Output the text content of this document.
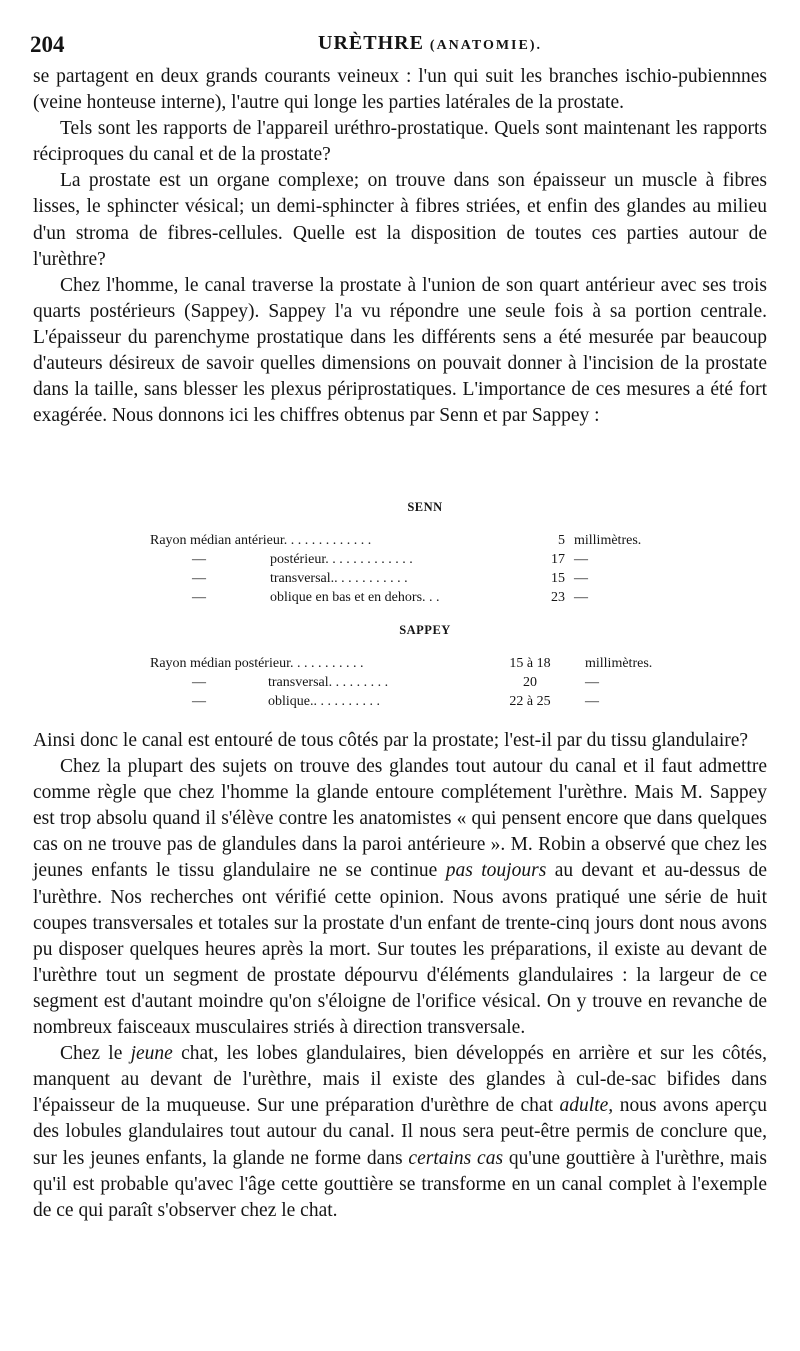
204	URÈTHRE (ANATOMIE).

se partagent en deux grands courants veineux : l'un qui suit les branches ischio-pubiennnes (veine honteuse interne), l'autre qui longe les parties latérales de la prostate.

Tels sont les rapports de l'appareil uréthro-prostatique. Quels sont maintenant les rapports réciproques du canal et de la prostate?

La prostate est un organe complexe; on trouve dans son épaisseur un muscle à fibres lisses, le sphincter vésical; un demi-sphincter à fibres striées, et enfin des glandes au milieu d'un stroma de fibres-cellules. Quelle est la disposition de toutes ces parties autour de l'urèthre?

Chez l'homme, le canal traverse la prostate à l'union de son quart antérieur avec ses trois quarts postérieurs (Sappey). Sappey l'a vu répondre une seule fois à sa portion centrale. L'épaisseur du parenchyme prostatique dans les différents sens a été mesurée par beaucoup d'auteurs désireux de savoir quelles dimensions on pouvait donner à l'incision de la prostate dans la taille, sans blesser les plexus périprostatiques. L'importance de ces mesures a été fort exagérée. Nous donnons ici les chiffres obtenus par Senn et par Sappey :

SENN
Rayon médian antérieur. . . . . . . . . . . . .	5 millimètres.
—	postérieur. . . . . . . . . . . . .	17 —
—	transversal.. . . . . . . . . . .	15 —
—	oblique en bas et en dehors. . .	23 —
SAPPEY
Rayon médian postérieur. . . . . . . . . . .	15 à 18	millimètres.
—	transversal. . . . . . . . .	20	—
—	oblique.. . . . . . . . . .	22 à 25	—

Ainsi donc le canal est entouré de tous côtés par la prostate; l'est-il par du tissu glandulaire?

Chez la plupart des sujets on trouve des glandes tout autour du canal et il faut admettre comme règle que chez l'homme la glande entoure complétement l'urèthre. Mais M. Sappey est trop absolu quand il s'élève contre les anatomistes « qui pensent encore que dans quelques cas on ne trouve pas de glandules dans la paroi antérieure ». M. Robin a observé que chez les jeunes enfants le tissu glandulaire ne se continue pas toujours au devant et au-dessus de l'urèthre. Nos recherches ont vérifié cette opinion. Nous avons pratiqué une série de huit coupes transversales et totales sur la prostate d'un enfant de trente-cinq jours dont nous avons pu disposer quelques heures après la mort. Sur toutes les préparations, il existe au devant de l'urèthre tout un segment de prostate dépourvu d'éléments glandulaires : la largeur de ce segment est d'autant moindre qu'on s'éloigne de l'orifice vésical. On y trouve en revanche de nombreux faisceaux musculaires striés à direction transversale.

Chez le jeune chat, les lobes glandulaires, bien développés en arrière et sur les côtés, manquent au devant de l'urèthre, mais il existe des glandes à cul-de-sac bifides dans l'épaisseur de la muqueuse. Sur une préparation d'urèthre de chat adulte, nous avons aperçu des lobules glandulaires tout autour du canal. Il nous sera peut-être permis de conclure que, sur les jeunes enfants, la glande ne forme dans certains cas qu'une gouttière à l'urèthre, mais qu'il est probable qu'avec l'âge cette gouttière se transforme en un canal complet à l'exemple de ce qui paraît s'observer chez le chat.
